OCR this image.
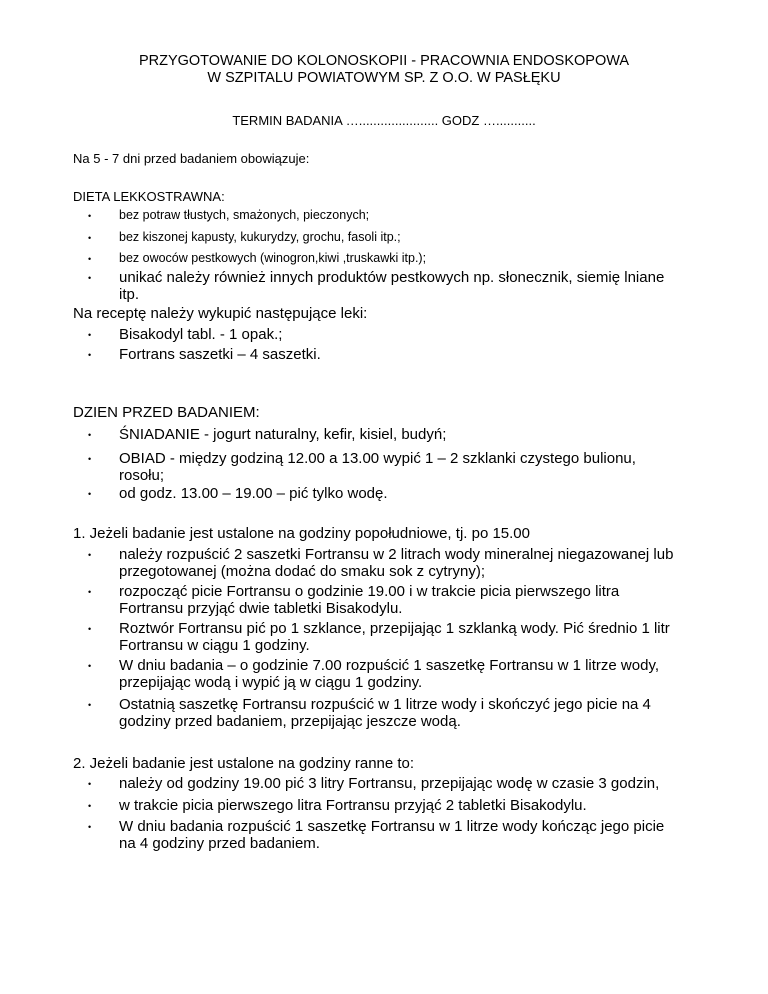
PRZYGOTOWANIE DO KOLONOSKOPII - PRACOWNIA ENDOSKOPOWA
W SZPITALU POWIATOWYM SP. Z O.O. W PASŁĘKU
TERMIN BADANIA …...................... GODZ …...........
Na 5 - 7 dni przed badaniem obowiązuje:
DIETA LEKKOSTRAWNA:
• bez potraw tłustych, smażonych, pieczonych;
• bez kiszonej kapusty, kukurydzy, grochu, fasoli itp.;
• bez owoców pestkowych (winogron,kiwi ,truskawki itp.);
• unikać należy również innych produktów pestkowych np. słonecznik, siemię lniane
itp.
Na receptę należy wykupić następujące leki:
• Bisakodyl tabl. - 1 opak.;
• Fortrans saszetki – 4 saszetki.
DZIEN PRZED BADANIEM:
• ŚNIADANIE - jogurt naturalny, kefir, kisiel, budyń;
• OBIAD - między godziną 12.00 a 13.00 wypić 1 – 2 szklanki czystego bulionu,
rosołu;
• od godz. 13.00 – 19.00 – pić tylko wodę.
1. Jeżeli badanie jest ustalone na godziny popołudniowe, tj. po 15.00
• należy rozpuścić 2 saszetki Fortransu w 2 litrach wody mineralnej niegazowanej lub
przegotowanej (można dodać do smaku sok z cytryny);
• rozpocząć picie Fortransu o godzinie 19.00 i w trakcie picia pierwszego litra
Fortransu przyjąć dwie tabletki Bisakodylu.
• Roztwór Fortransu pić po 1 szklance, przepijając 1 szklanką wody. Pić średnio 1 litr
Fortransu w ciągu 1 godziny.
• W dniu badania – o godzinie 7.00 rozpuścić 1 saszetkę Fortransu w 1 litrze wody,
przepijając wodą i wypić ją w ciągu 1 godziny.
• Ostatnią saszetkę Fortransu rozpuścić w 1 litrze wody i skończyć jego picie na 4
godziny przed badaniem, przepijając jeszcze wodą.
2. Jeżeli badanie jest ustalone na godziny ranne to:
• należy od godziny 19.00 pić 3 litry Fortransu, przepijając wodę w czasie 3 godzin,
• w trakcie picia pierwszego litra Fortransu przyjąć 2 tabletki Bisakodylu.
• W dniu badania rozpuścić 1 saszetkę Fortransu w 1 litrze wody kończąc jego picie
na 4 godziny przed badaniem.
